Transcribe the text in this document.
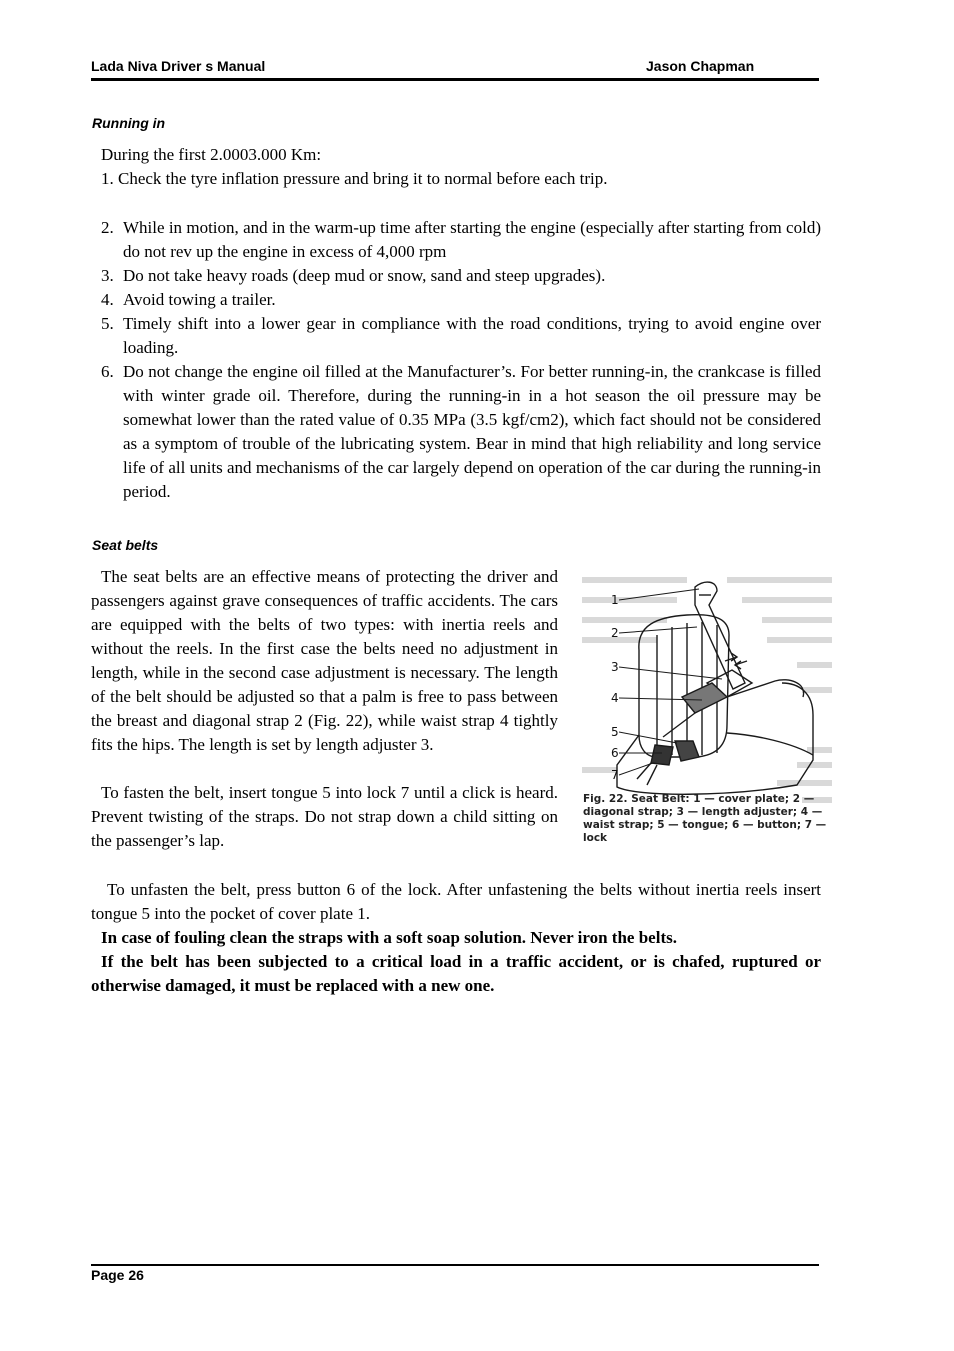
Lada Niva Driver s Manual	Jason Chapman
Running in
During the first 2.0003.000 Km:
1. Check the tyre inflation pressure and bring it to normal before each trip.
2. While in motion, and in the warm-up time after starting the engine (especially after starting from cold) do not rev up the engine in excess of 4,000 rpm
3. Do not take heavy roads (deep mud or snow, sand and steep upgrades).
4. Avoid towing a trailer.
5. Timely shift into a lower gear in compliance with the road conditions, trying to avoid engine over loading.
6. Do not change the engine oil filled at the Manufacturer’s. For better running-in, the crankcase is filled with winter grade oil. Therefore, during the running-in in a hot season the oil pressure may be somewhat lower than the rated value of 0.35 MPa (3.5 kgf/cm2), which fact should not be considered as a symptom of trouble of the lubricating system. Bear in mind that high reliability and long service life of all units and mechanisms of the car largely depend on operation of the car during the running-in period.
Seat belts

The seat belts are an effective means of protecting the driver and passengers against grave consequences of traffic accidents. The cars are equipped with the belts of two types: with inertia reels and without the reels. In the first case the belts need no adjustment in length, while in the second case adjustment is necessary. The length of the belt should be adjusted so that a palm is free to pass between the breast and diagonal strap 2 (Fig. 22), while waist strap 4 tightly fits the hips. The length is set by length adjuster 3.

To fasten the belt, insert tongue 5 into lock 7 until a click is heard. Prevent twisting of the straps. Do not strap down a child sitting on the passenger’s lap.

1
2
3
4
5
6
7
Fig. 22. Seat Belt: 1 — cover plate; 2 — diagonal strap; 3 — length adjuster; 4 — waist strap; 5 — tongue; 6 — button; 7 — lock
To unfasten the belt, press button 6 of the lock. After unfastening the belts without inertia reels insert tongue 5 into the pocket of cover plate 1.
In case of fouling clean the straps with a soft soap solution. Never iron the belts.
If the belt has been subjected to a critical load in a traffic accident, or is chafed, ruptured or otherwise damaged, it must be replaced with a new one.
Page 26
